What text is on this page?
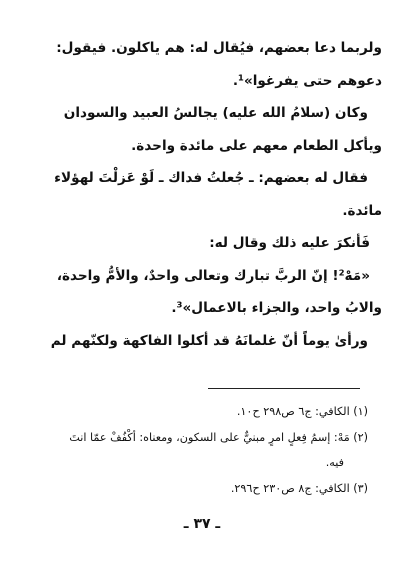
ولربما دعا بعضهم، فيُقال له: هم ياكلون. فيقول:

دعوهم حتى يفرغوا»¹.

وكان (سلامُ الله عليه) يجالسُ العبيد والسودان

ويأكل الطعام معهم على مائدة واحدة.

فقال له بعضهم: ـ جُعلتُ فداك ـ لَوْ عَزلْتَ لهؤلاء

مائدة.

فَأنكرَ عليه ذلك وقال له:

«مَهْ²! إنّ الربَّ تبارك وتعالى واحدٌ، والأمُّ واحدة،

والابُ واحد، والجزاء بالاعمال»³.

ورأىٰ يوماً أنّ غلمانَهُ قد أكلوا الفاكهة ولكنّهم لم

(١) الكافي: ج٦ ص٢٩٨ ح١٠.

(٢) مَهْ: إسمُ فِعلٍ امرٍ مبنيٌّ على السكون، ومعناه: أكْفُفْ عمّا انتَ

فيه.

(٣) الكافي: ج٨ ص٢٣٠ ح٢٩٦.

ـ ٣٧ ـ
